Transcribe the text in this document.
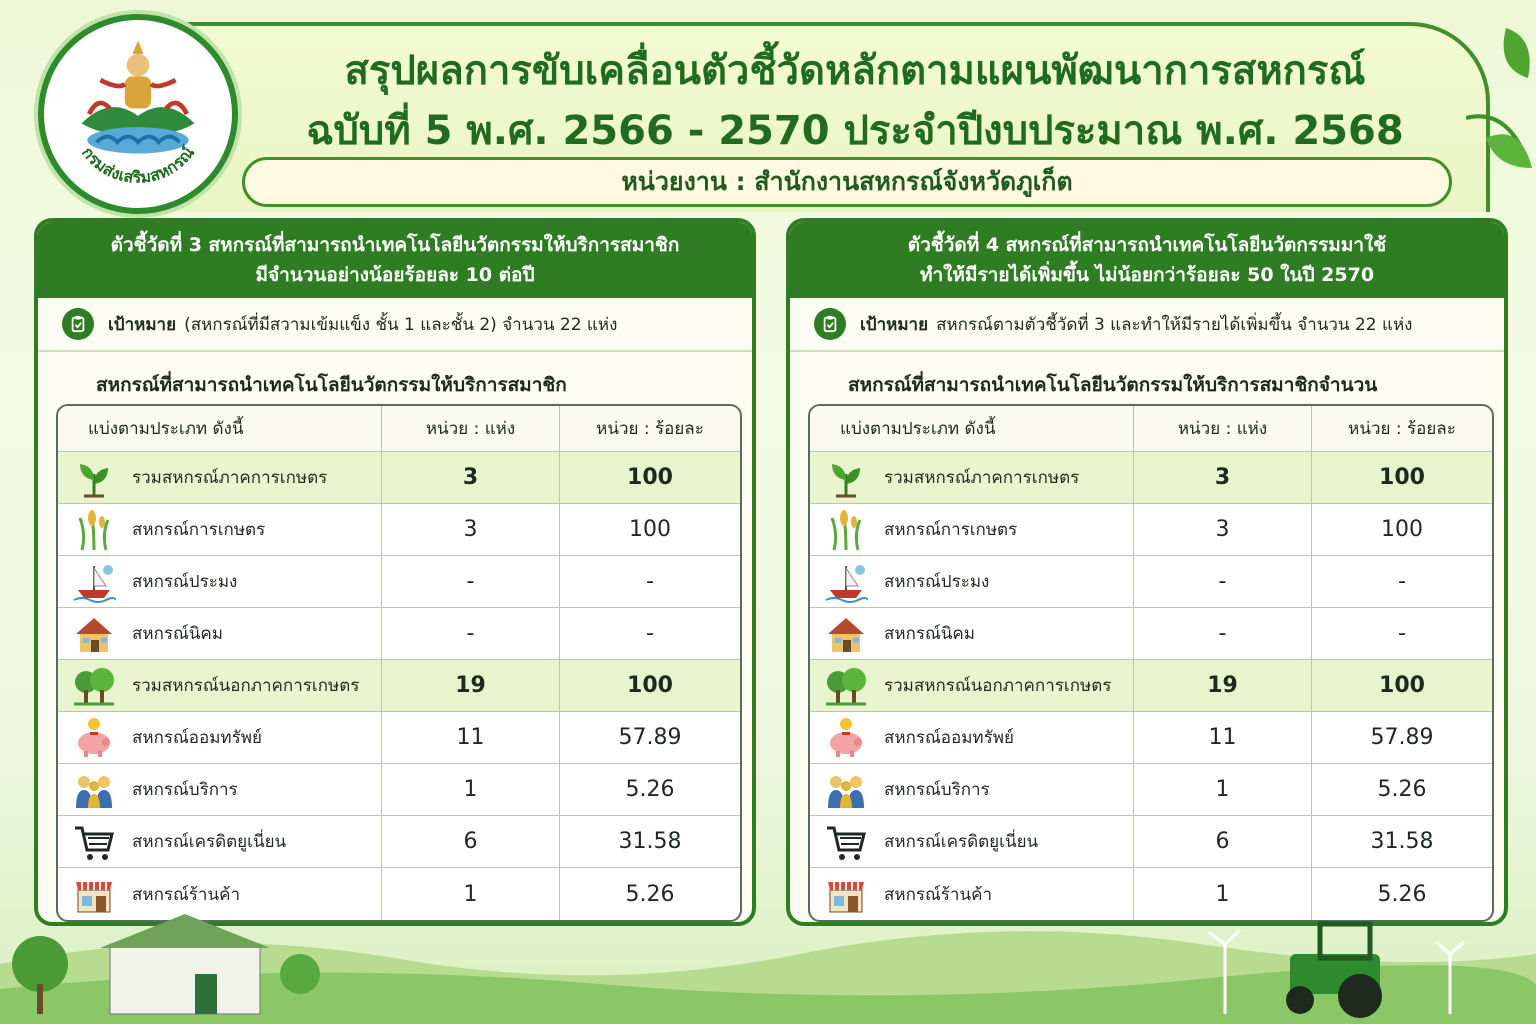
กรมส่งเสริมสหกรณ์
สรุปผลการขับเคลื่อนตัวชี้วัดหลักตามแผนพัฒนาการสหกรณ์
ฉบับที่ 5 พ.ศ. 2566 - 2570 ประจำปีงบประมาณ พ.ศ. 2568
หน่วยงาน : สำนักงานสหกรณ์จังหวัดภูเก็ต
ตัวชี้วัดที่ 3 สหกรณ์ที่สามารถนำเทคโนโลยีนวัตกรรมให้บริการสมาชิก
มีจำนวนอย่างน้อยร้อยละ 10 ต่อปี
เป้าหมาย (สหกรณ์ที่มีสวามเข้มแข็ง ชั้น 1 และชั้น 2) จำนวน 22 แห่ง
สหกรณ์ที่สามารถนำเทคโนโลยีนวัตกรรมให้บริการสมาชิก
แบ่งตามประเภท ดังนี้	หน่วย : แห่ง	หน่วย : ร้อยละ
รวมสหกรณ์ภาคการเกษตร	3	100
สหกรณ์การเกษตร	3	100
สหกรณ์ประมง	-	-
สหกรณ์นิคม	-	-
รวมสหกรณ์นอกภาคการเกษตร	19	100
สหกรณ์ออมทรัพย์	11	57.89
สหกรณ์บริการ	1	5.26
สหกรณ์เครดิตยูเนี่ยน	6	31.58
สหกรณ์ร้านค้า	1	5.26
ตัวชี้วัดที่ 4 สหกรณ์ที่สามารถนำเทคโนโลยีนวัตกรรมมาใช้
ทำให้มีรายได้เพิ่มขึ้น ไม่น้อยกว่าร้อยละ 50 ในปี 2570
เป้าหมาย สหกรณ์ตามตัวชี้วัดที่ 3 และทำให้มีรายได้เพิ่มขึ้น จำนวน 22 แห่ง
สหกรณ์ที่สามารถนำเทคโนโลยีนวัตกรรมให้บริการสมาชิกจำนวน
แบ่งตามประเภท ดังนี้	หน่วย : แห่ง	หน่วย : ร้อยละ
รวมสหกรณ์ภาคการเกษตร	3	100
สหกรณ์การเกษตร	3	100
สหกรณ์ประมง	-	-
สหกรณ์นิคม	-	-
รวมสหกรณ์นอกภาคการเกษตร	19	100
สหกรณ์ออมทรัพย์	11	57.89
สหกรณ์บริการ	1	5.26
สหกรณ์เครดิตยูเนี่ยน	6	31.58
สหกรณ์ร้านค้า	1	5.26
